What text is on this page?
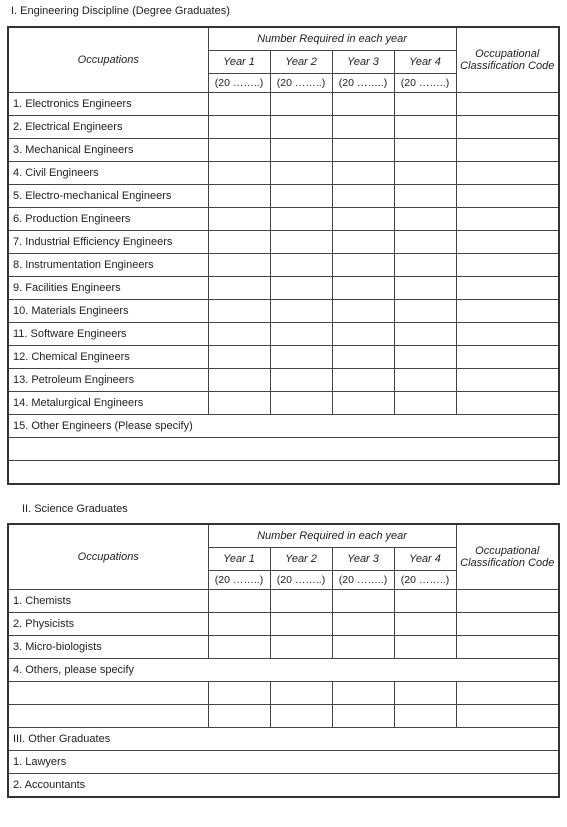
I. Engineering Discipline (Degree Graduates)
Occupations	Number Required in each year				Occupational Classification Code
	Year 1	Year 2	Year 3	Year 4	
	(20 ……..)	(20 ……..)	(20 ……..)	(20 ……..)	
1. Electronics Engineers					
2. Electrical Engineers					
3. Mechanical Engineers					
4. Civil Engineers					
5. Electro-mechanical Engineers					
6. Production Engineers					
7. Industrial Efficiency Engineers					
8. Instrumentation Engineers					
9. Facilities Engineers					
10. Materials Engineers					
11. Software Engineers					
12. Chemical Engineers					
13. Petroleum Engineers					
14. Metalurgical Engineers					
15. Other Engineers (Please specify)					

II. Science Graduates
Occupations	Number Required in each year				Occupational Classification Code
	Year 1	Year 2	Year 3	Year 4	
	(20 ……..)	(20 ……..)	(20 ……..)	(20 ……..)	
1. Chemists					
2. Physicists					
3. Micro-biologists					
4. Others, please specify					

III. Other Graduates					
1. Lawyers					
2. Accountants					
